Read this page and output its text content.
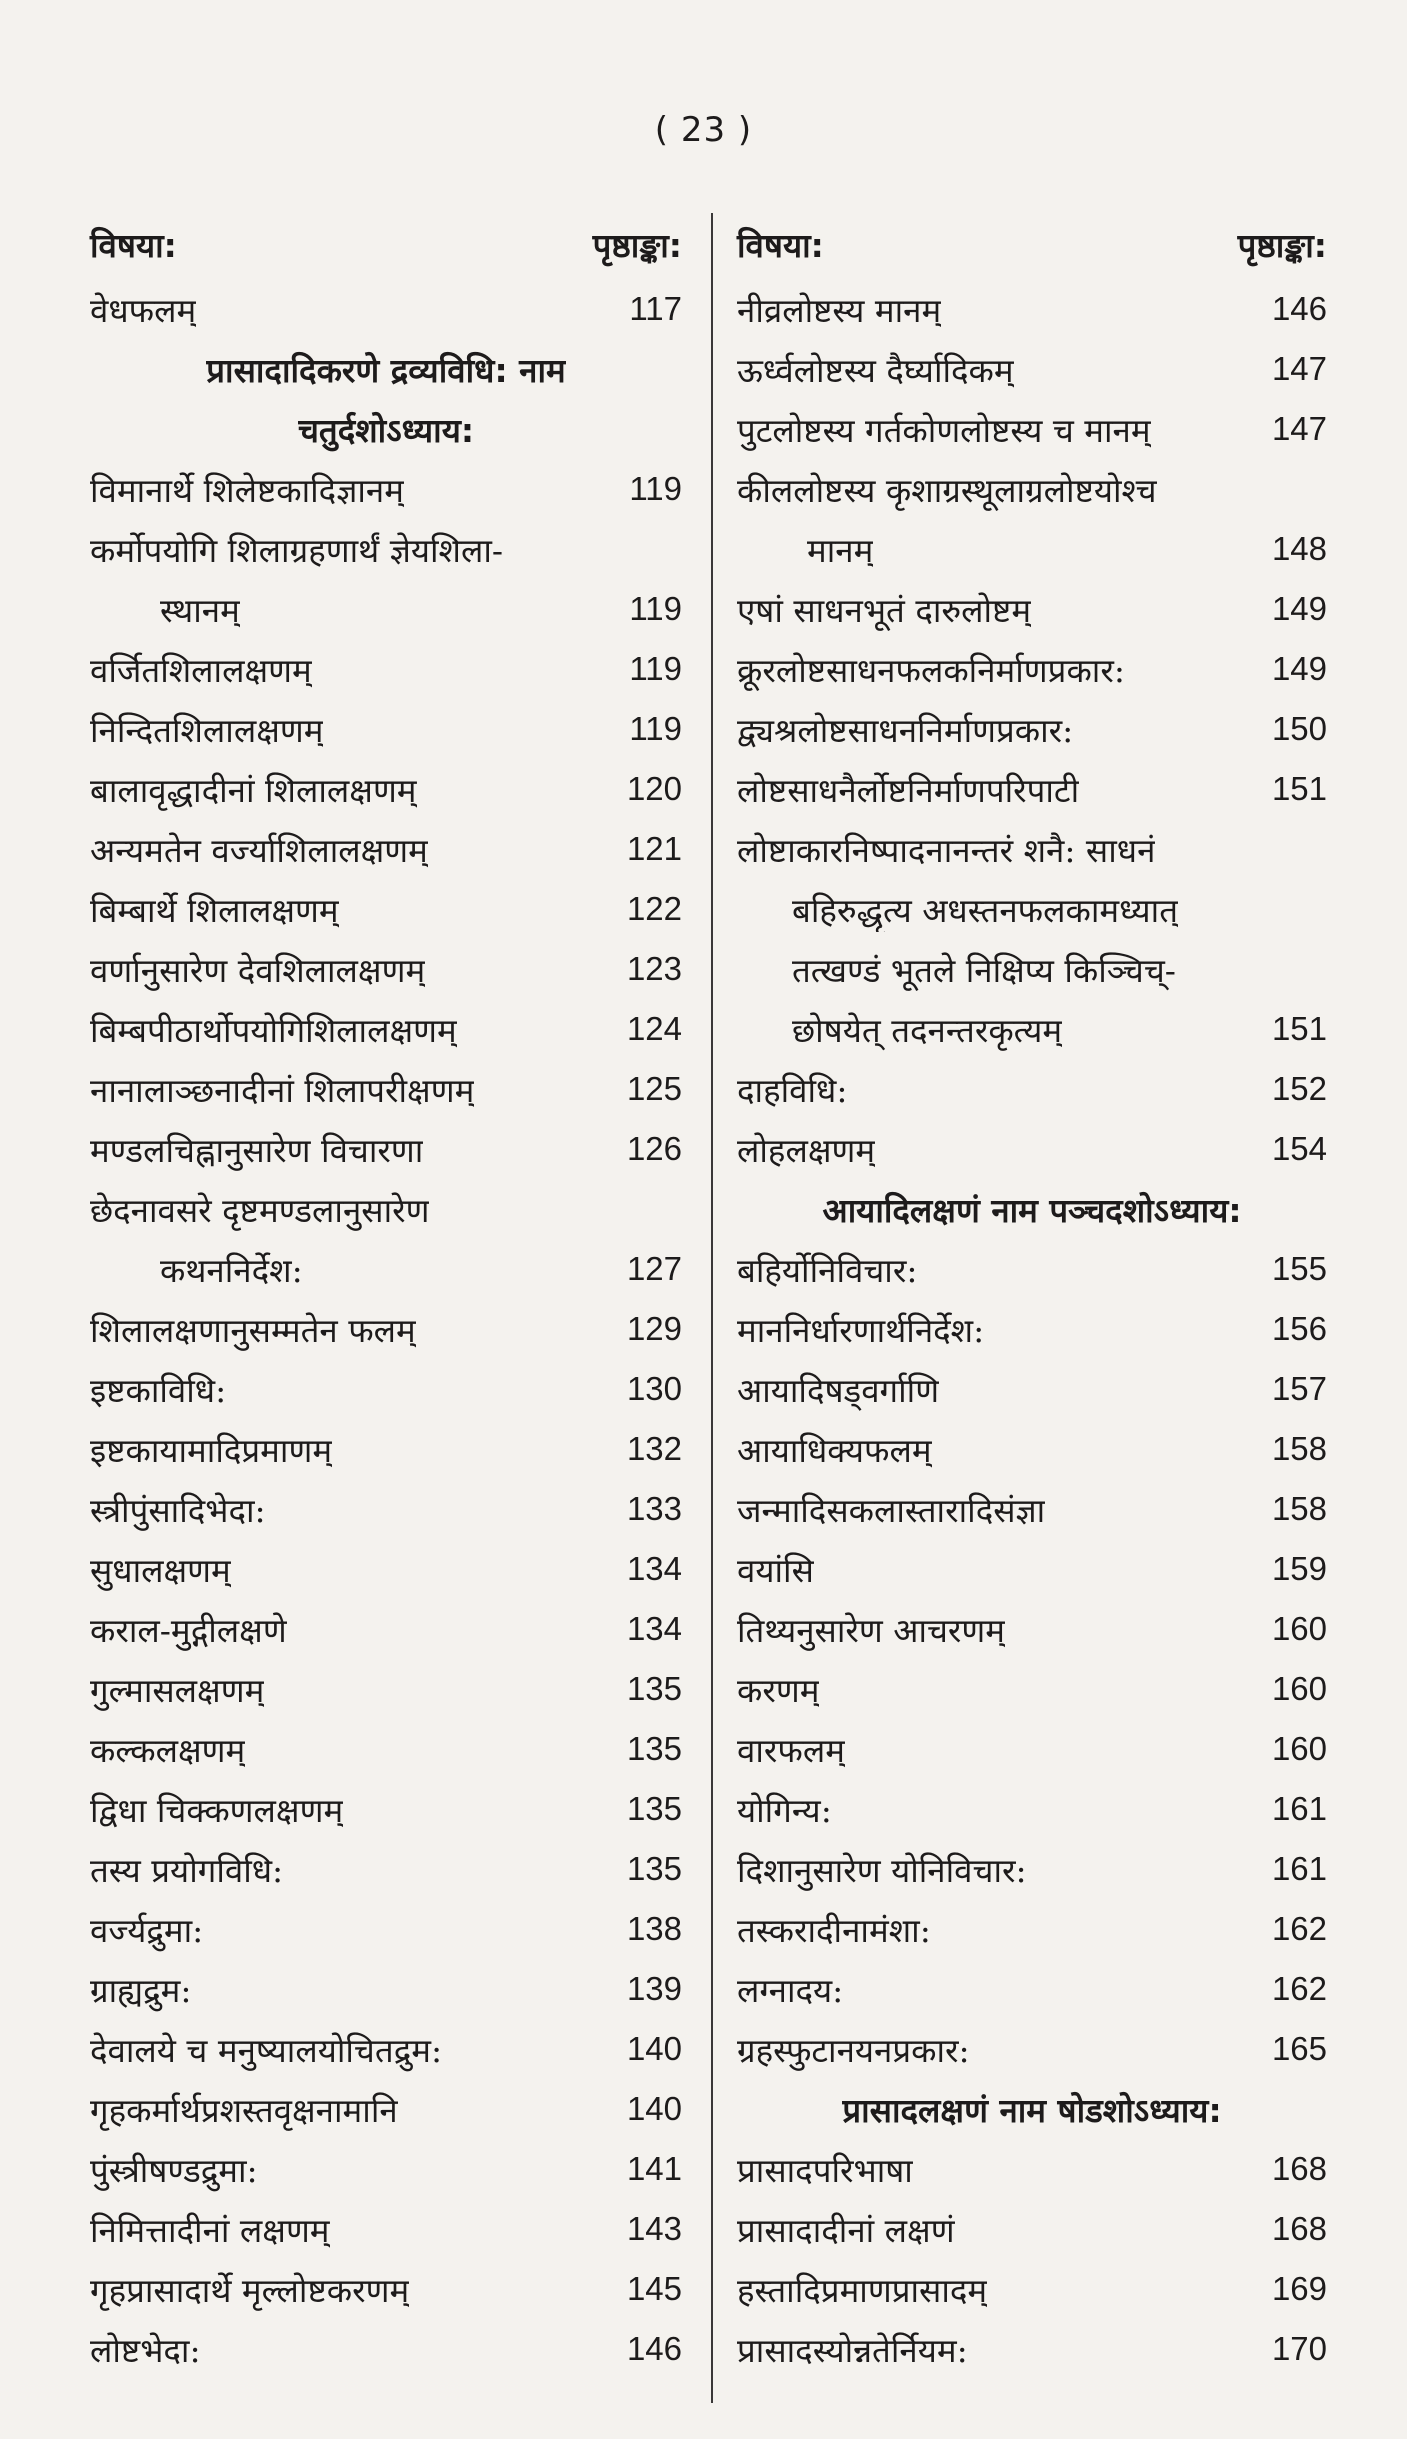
( 23 )
विषया:	पृष्ठाङ्का:
वेधफलम्	117
प्रासादादिकरणे द्रव्यविधि: नाम
चतुर्दशोऽध्याय:
विमानार्थे शिलेष्टकादिज्ञानम्	119
कर्मोपयोगि शिलाग्रहणार्थं ज्ञेयशिला-
स्थानम्	119
वर्जितशिलालक्षणम्	119
निन्दितशिलालक्षणम्	119
बालावृद्धादीनां शिलालक्षणम्	120
अन्यमतेन वर्ज्याशिलालक्षणम्	121
बिम्बार्थे शिलालक्षणम्	122
वर्णानुसारेण देवशिलालक्षणम्	123
बिम्बपीठार्थोपयोगिशिलालक्षणम्	124
नानालाञ्छनादीनां शिलापरीक्षणम्	125
मण्डलचिह्नानुसारेण विचारणा	126
छेदनावसरे दृष्टमण्डलानुसारेण
कथननिर्देश:	127
शिलालक्षणानुसम्मतेन फलम्	129
इष्टकाविधि:	130
इष्टकायामादिप्रमाणम्	132
स्त्रीपुंसादिभेदा:	133
सुधालक्षणम्	134
कराल-मुद्गीलक्षणे	134
गुल्मासलक्षणम्	135
कल्कलक्षणम्	135
द्विधा चिक्कणलक्षणम्	135
तस्य प्रयोगविधि:	135
वर्ज्यद्रुमा:	138
ग्राह्यद्रुम:	139
देवालये च मनुष्यालयोचितद्रुम:	140
गृहकर्मार्थप्रशस्तवृक्षनामानि	140
पुंस्त्रीषण्डद्रुमा:	141
निमित्तादीनां लक्षणम्	143
गृहप्रासादार्थे मृल्लोष्टकरणम्	145
लोष्टभेदा:	146
विषया:	पृष्ठाङ्का:
नीव्रलोष्टस्य मानम्	146
ऊर्ध्वलोष्टस्य दैर्घ्यादिकम्	147
पुटलोष्टस्य गर्तकोणलोष्टस्य च मानम्	147
कीललोष्टस्य कृशाग्रस्थूलाग्रलोष्टयोश्च
मानम्	148
एषां साधनभूतं दारुलोष्टम्	149
क्रूरलोष्टसाधनफलकनिर्माणप्रकार:	149
द्व्यश्रलोष्टसाधननिर्माणप्रकार:	150
लोष्टसाधनैर्लोष्टनिर्माणपरिपाटी	151
लोष्टाकारनिष्पादनानन्तरं शनै: साधनं
बहिरुद्धृत्य अधस्तनफलकामध्यात्
तत्खण्डं भूतले निक्षिप्य किञ्चिच्-
छोषयेत् तदनन्तरकृत्यम्	151
दाहविधि:	152
लोहलक्षणम्	154
आयादिलक्षणं नाम पञ्चदशोऽध्याय:
बहिर्योनिविचार:	155
माननिर्धारणार्थनिर्देश:	156
आयादिषड्वर्गाणि	157
आयाधिक्यफलम्	158
जन्मादिसकलास्तारादिसंज्ञा	158
वयांसि	159
तिथ्यनुसारेण आचरणम्	160
करणम्	160
वारफलम्	160
योगिन्य:	161
दिशानुसारेण योनिविचार:	161
तस्करादीनामंशा:	162
लग्नादय:	162
ग्रहस्फुटानयनप्रकार:	165
प्रासादलक्षणं नाम षोडशोऽध्याय:
प्रासादपरिभाषा	168
प्रासादादीनां लक्षणं	168
हस्तादिप्रमाणप्रासादम्	169
प्रासादस्योन्नतेर्नियम:	170
